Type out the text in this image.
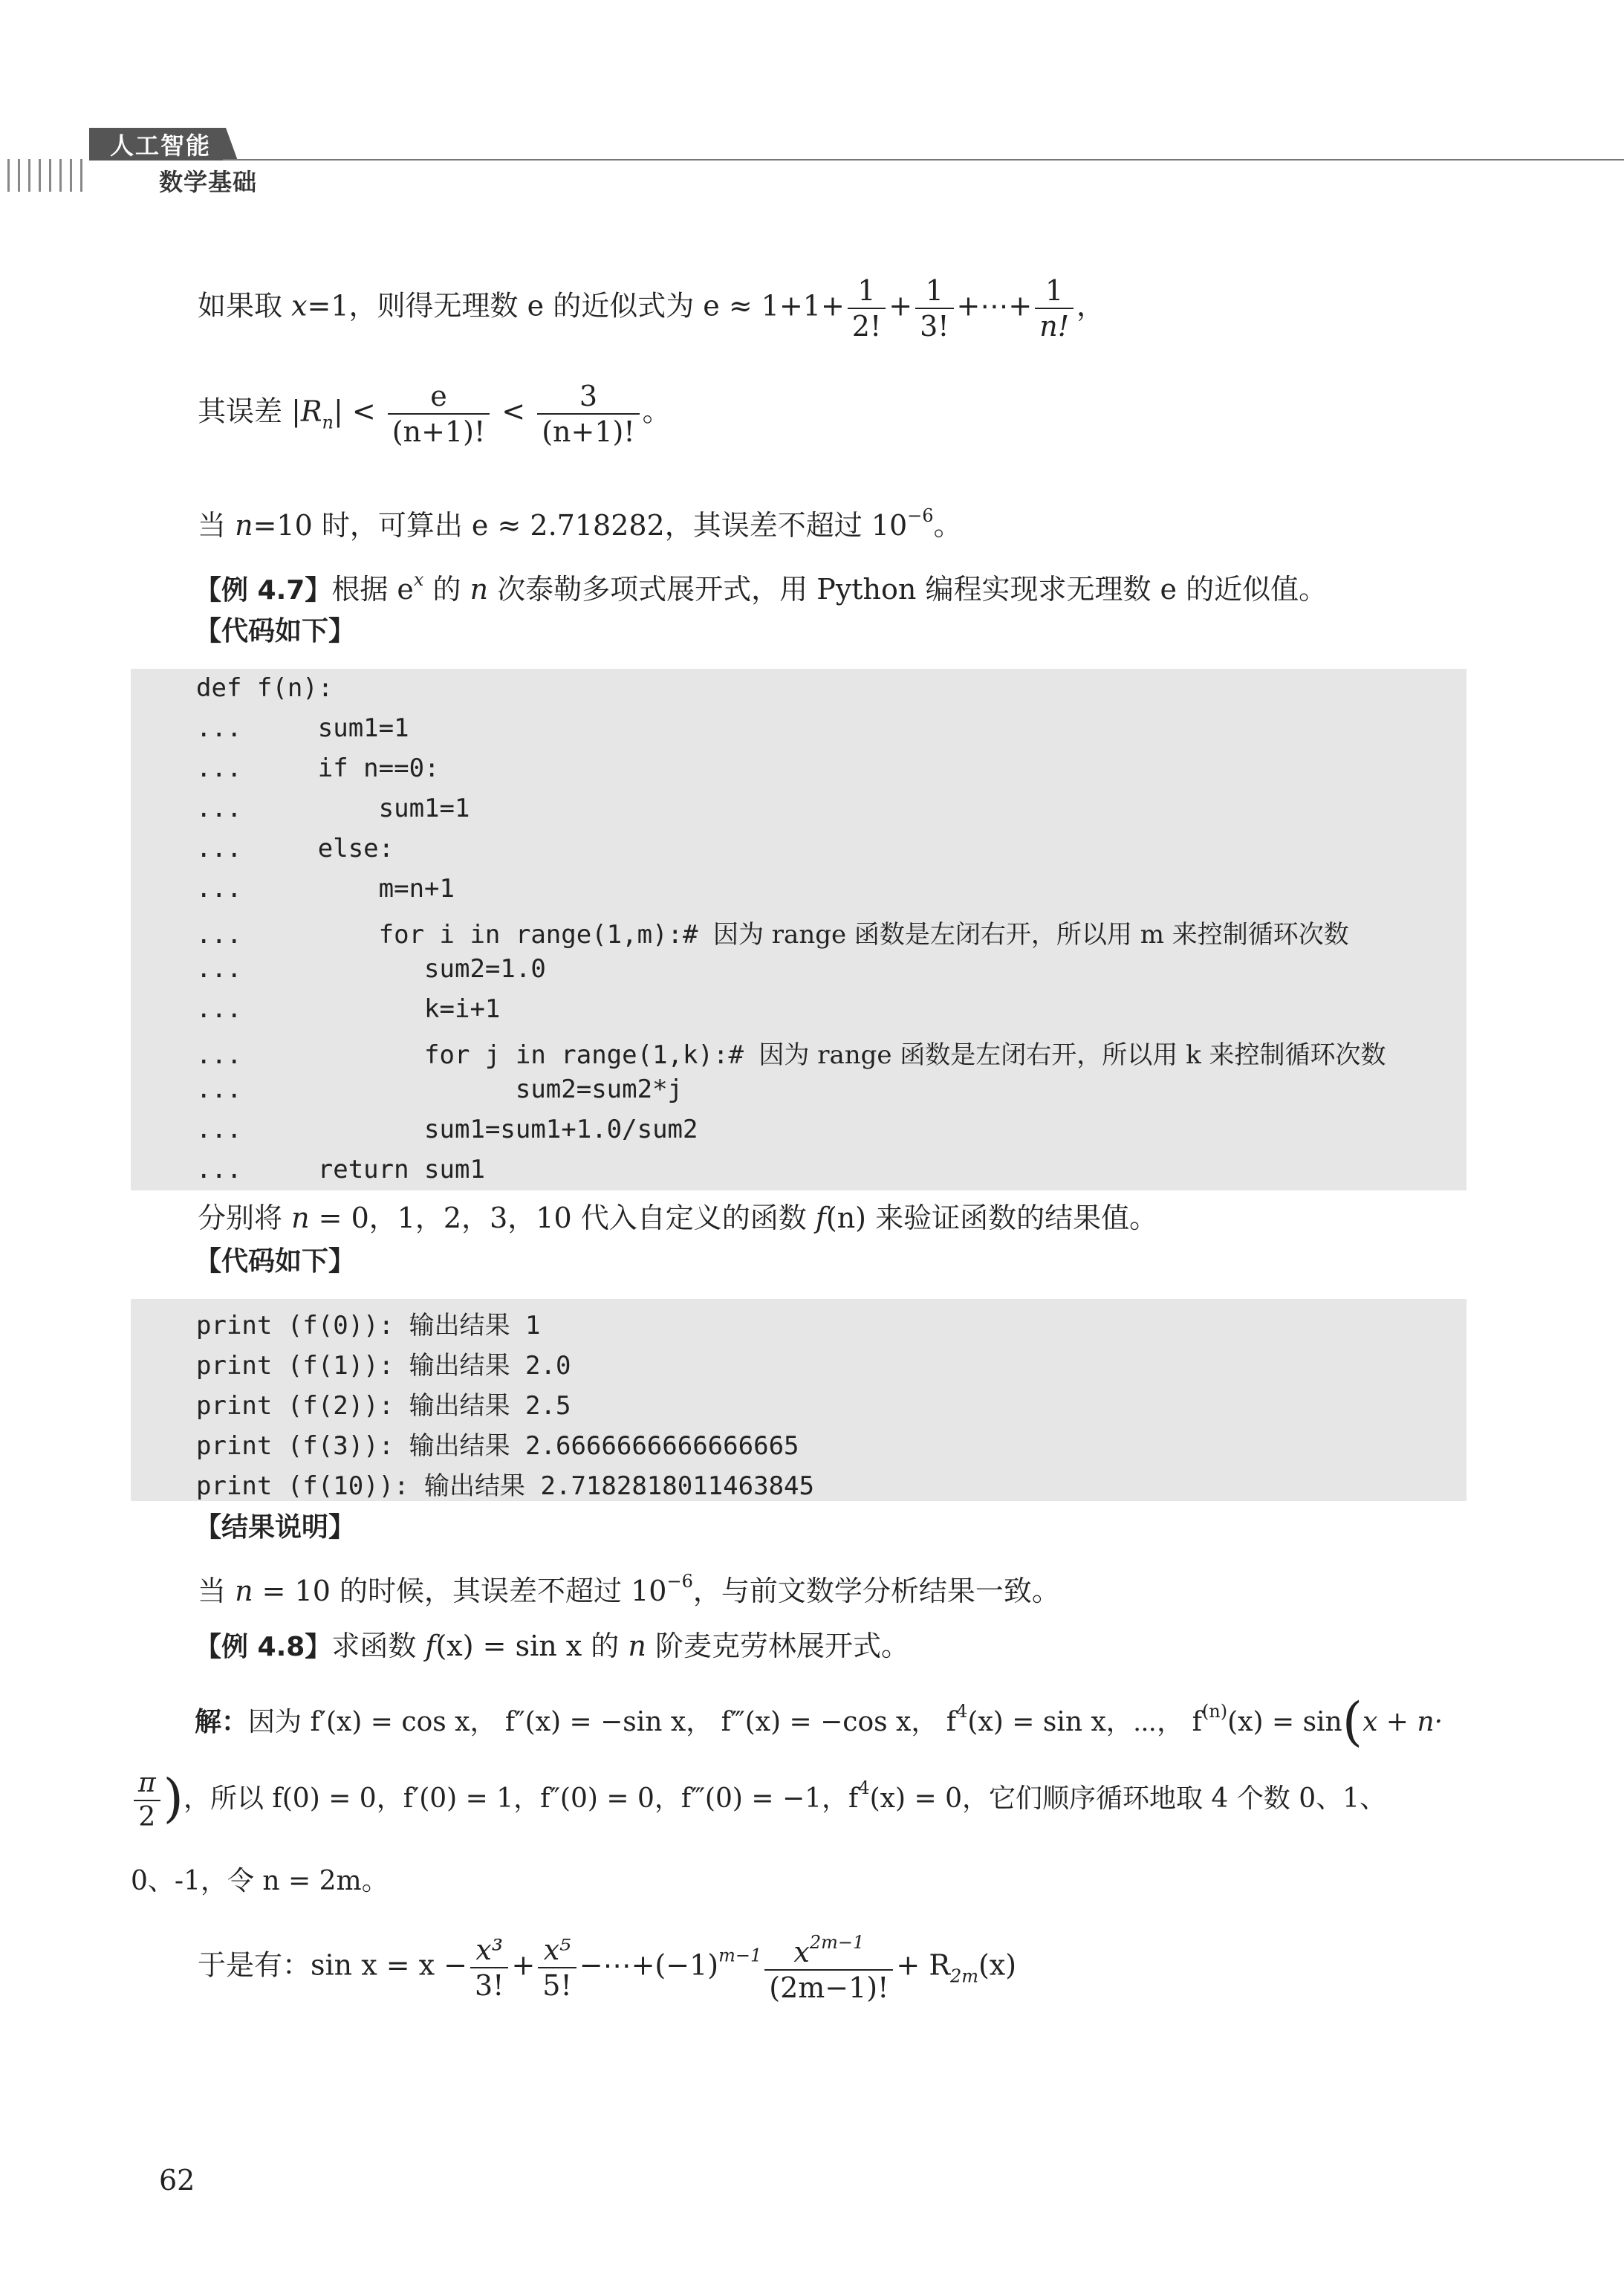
人工智能
数学基础
如果取 x=1，则得无理数 e 的近似式为 $e \approx 1+1+ \frac{1}{2!} + \frac{1}{3!}$ +⋯+ $\frac{1}{n!}$ ，
其误差 $|R_n| < \frac{e}{(n+1)!} < \frac{3}{(n+1)!}$ 。
当 n=10 时，可算出 e ≈ 2.718282，其误差不超过 $10^{-6}$。
【例 4.7】根据 $e^x$ 的 n 次泰勒多项式展开式，用 Python 编程实现求无理数 e 的近似值。
【代码如下】
def f(n):
...     sum1=1
...     if n==0:
...         sum1=1
...     else:
...         m=n+1
...         for i in range(1,m):# 因为 range 函数是左闭右开，所以用 m 来控制循环次数
...            sum2=1.0
...            k=i+1
...            for j in range(1,k):# 因为 range 函数是左闭右开，所以用 k 来控制循环次数
...                  sum2=sum2*j
...            sum1=sum1+1.0/sum2
...     return sum1
分别将 n = 0，1，2，3，10 代入自定义的函数 f(n) 来验证函数的结果值。
【代码如下】
print (f(0)): 输出结果 1
print (f(1)): 输出结果 2.0
print (f(2)): 输出结果 2.5
print (f(3)): 输出结果 2.6666666666666665
print (f(10)): 输出结果 2.7182818011463845
【结果说明】
当 n = 10 的时候，其误差不超过 $10^{-6}$，与前文数学分析结果一致。
【例 4.8】求函数 f(x) = sin x 的 n 阶麦克劳林展开式。
解：因为 f′(x) = cos x， f″(x) = −sin x， f‴(x) = −cos x， $f^4(x) = \sin x$，⋯， $f^{(n)}(x) = \sin(x + n\cdot$
$\frac{\pi}{2}$ )，所以 f(0) = 0，f′(0) = 1，f″(0) = 0，f‴(0) = −1，$f^4(x) = 0$，它们顺序循环地取 4 个数 0、1、
0、-1，令 n = 2m。
于是有：$\sin x = x - \frac{\text{x³}}{3!} + \frac{\text{x⁵}}{5!}$ $-\cdots+(-1)^{m-1} \frac{x^{2m-1}}{(2m-1)!} + R_{2m}(x)$
62
